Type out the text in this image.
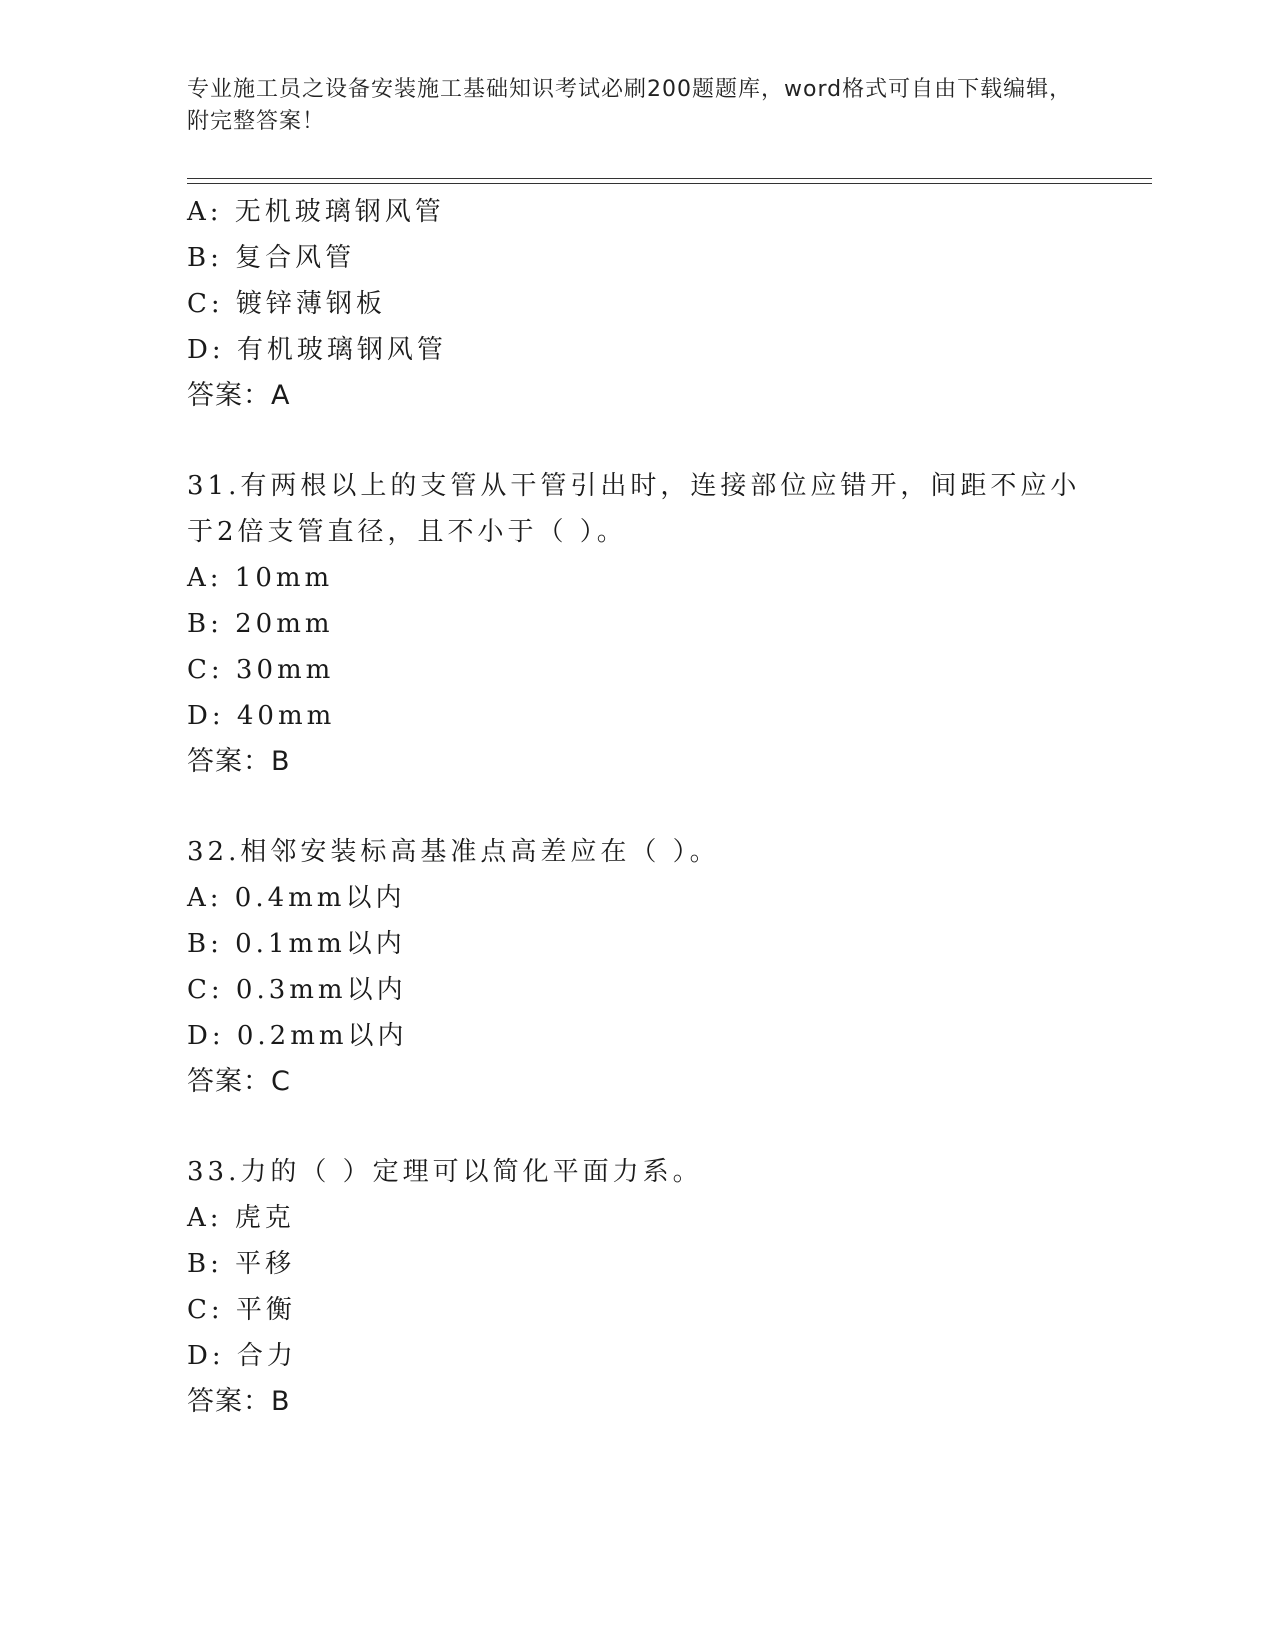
专业施工员之设备安装施工基础知识考试必刷200题题库，word格式可自由下载编辑，附完整答案！
A: 无机玻璃钢风管
B: 复合风管
C: 镀锌薄钢板
D: 有机玻璃钢风管
答案：A
31.有两根以上的支管从干管引出时，连接部位应错开，间距不应小于2倍支管直径，且不小于（ ）。
A: 10mm
B: 20mm
C: 30mm
D: 40mm
答案：B
32.相邻安装标高基准点高差应在（ ）。
A: 0.4mm以内
B: 0.1mm以内
C: 0.3mm以内
D: 0.2mm以内
答案：C
33.力的（ ）定理可以简化平面力系。
A: 虎克
B: 平移
C: 平衡
D: 合力
答案：B
